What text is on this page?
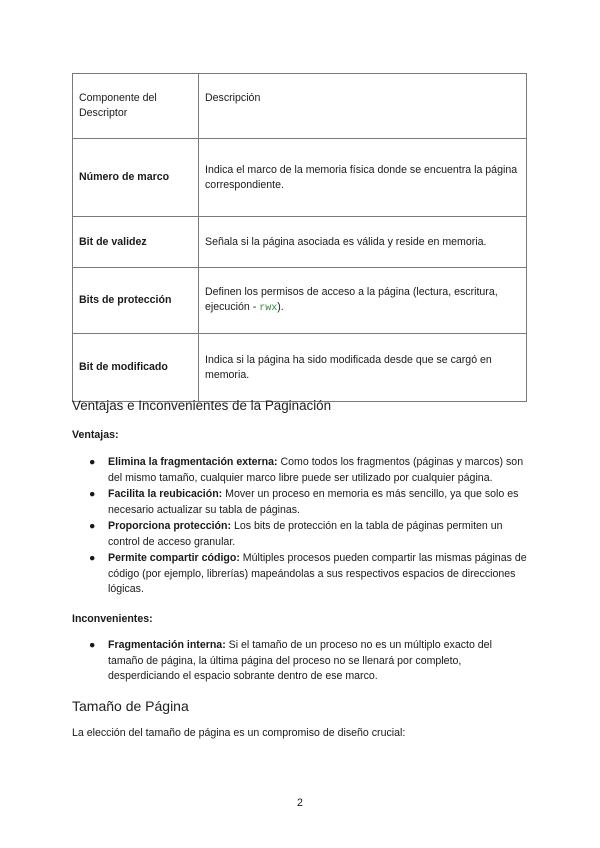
Componente del Descriptor	Descripción
Número de marco	Indica el marco de la memoria física donde se encuentra la página correspondiente.
Bit de validez	Señala si la página asociada es válida y reside en memoria.
Bits de protección	Definen los permisos de acceso a la página (lectura, escritura, ejecución - rwx).
Bit de modificado	Indica si la página ha sido modificada desde que se cargó en memoria.
Ventajas e Inconvenientes de la Paginación

Ventajas:

● Elimina la fragmentación externa: Como todos los fragmentos (páginas y marcos) son del mismo tamaño, cualquier marco libre puede ser utilizado por cualquier página.
● Facilita la reubicación: Mover un proceso en memoria es más sencillo, ya que solo es necesario actualizar su tabla de páginas.
● Proporciona protección: Los bits de protección en la tabla de páginas permiten un control de acceso granular.
● Permite compartir código: Múltiples procesos pueden compartir las mismas páginas de código (por ejemplo, librerías) mapeándolas a sus respectivos espacios de direcciones lógicas.

Inconvenientes:

● Fragmentación interna: Si el tamaño de un proceso no es un múltiplo exacto del tamaño de página, la última página del proceso no se llenará por completo, desperdiciando el espacio sobrante dentro de ese marco.
Tamaño de Página

La elección del tamaño de página es un compromiso de diseño crucial:

2
